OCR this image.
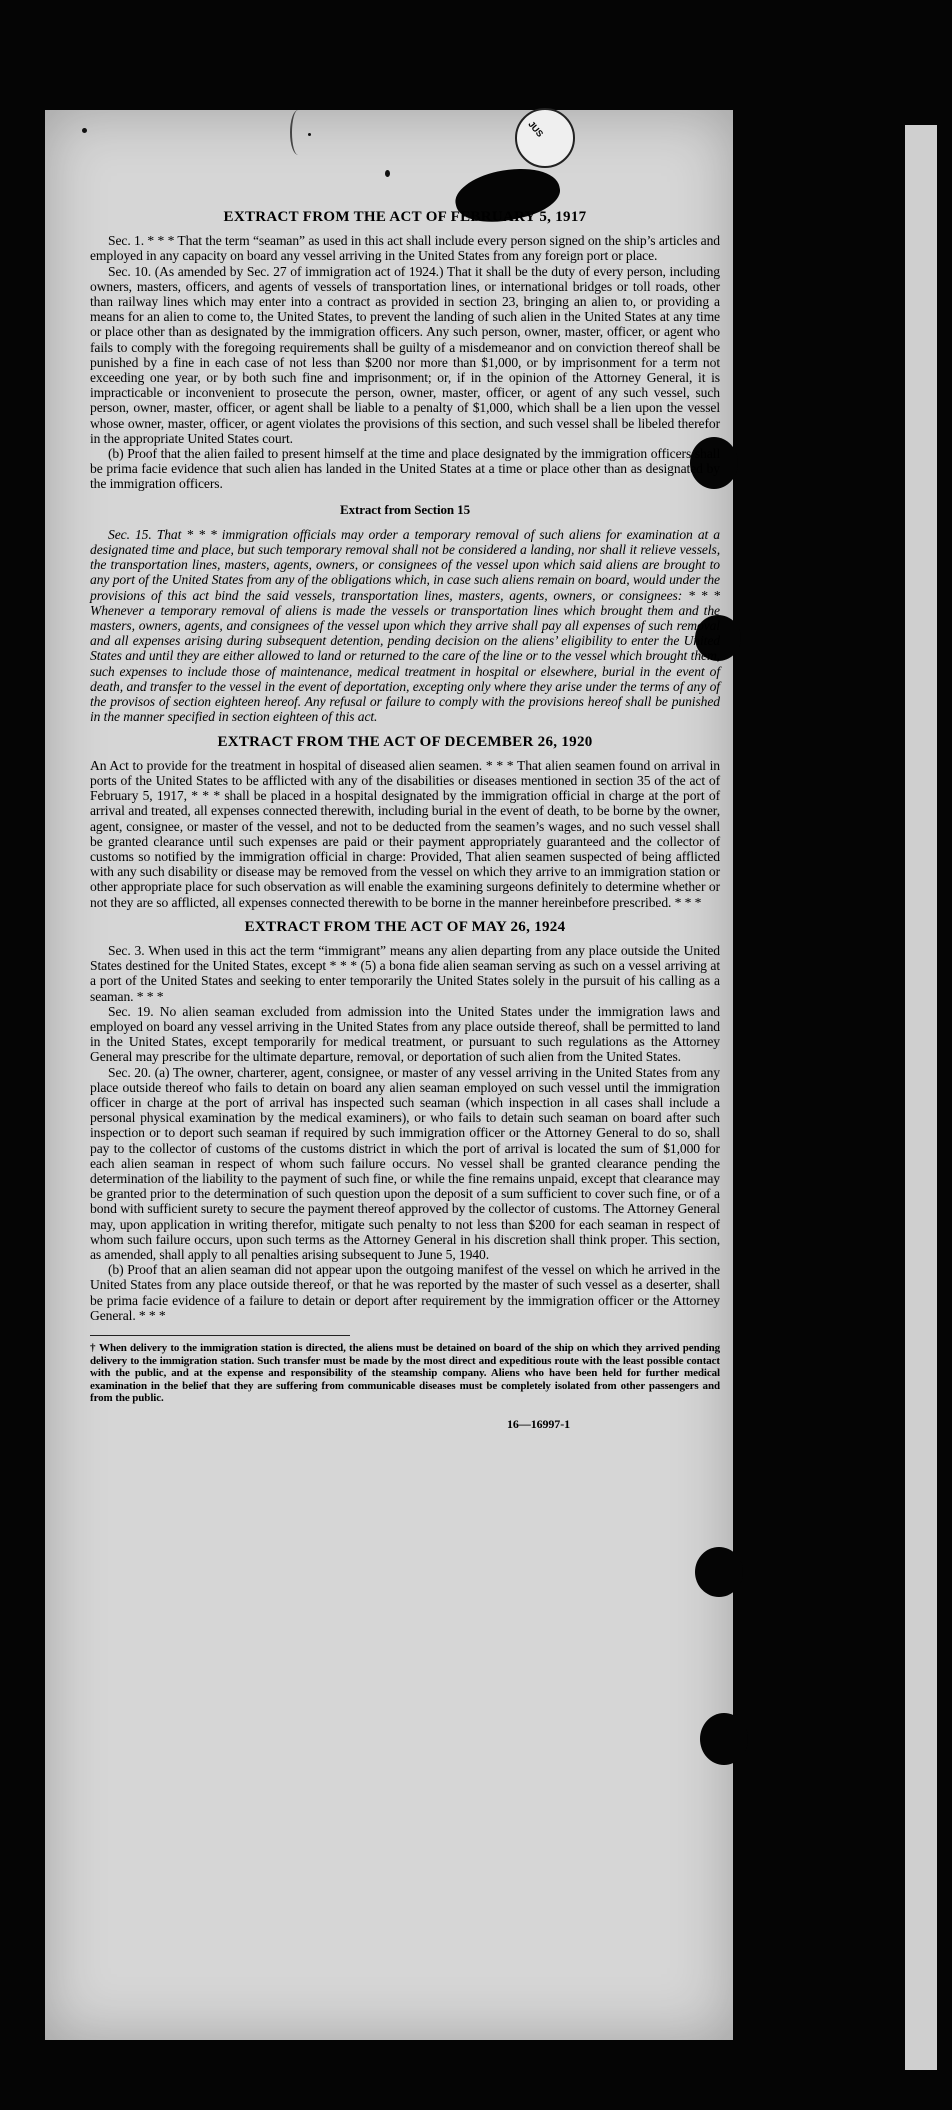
JUS
EXTRACT FROM THE ACT OF FEBRUARY 5, 1917

Sec. 1. * * * That the term “seaman” as used in this act shall include every person signed on the ship’s articles and employed in any capacity on board any vessel arriving in the United States from any foreign port or place.

Sec. 10. (As amended by Sec. 27 of immigration act of 1924.) That it shall be the duty of every person, including owners, masters, officers, and agents of vessels of transportation lines, or international bridges or toll roads, other than railway lines which may enter into a contract as provided in section 23, bringing an alien to, or providing a means for an alien to come to, the United States, to prevent the landing of such alien in the United States at any time or place other than as designated by the immigration officers. Any such person, owner, master, officer, or agent who fails to comply with the foregoing requirements shall be guilty of a misdemeanor and on conviction thereof shall be punished by a fine in each case of not less than $200 nor more than $1,000, or by imprisonment for a term not exceeding one year, or by both such fine and imprisonment; or, if in the opinion of the Attorney General, it is impracticable or inconvenient to prosecute the person, owner, master, officer, or agent of any such vessel, such person, owner, master, officer, or agent shall be liable to a penalty of $1,000, which shall be a lien upon the vessel whose owner, master, officer, or agent violates the provisions of this section, and such vessel shall be libeled therefor in the appropriate United States court.

(b) Proof that the alien failed to present himself at the time and place designated by the immigration officers shall be prima facie evidence that such alien has landed in the United States at a time or place other than as designated by the immigration officers.

Extract from Section 15

Sec. 15. That * * * immigration officials may order a temporary removal of such aliens for examination at a designated time and place, but such temporary removal shall not be considered a landing, nor shall it relieve vessels, the transportation lines, masters, agents, owners, or consignees of the vessel upon which said aliens are brought to any port of the United States from any of the obligations which, in case such aliens remain on board, would under the provisions of this act bind the said vessels, transportation lines, masters, agents, owners, or consignees: * * * Whenever a temporary removal of aliens is made the vessels or transportation lines which brought them and the masters, owners, agents, and consignees of the vessel upon which they arrive shall pay all expenses of such removal and all expenses arising during subsequent detention, pending decision on the aliens’ eligibility to enter the United States and until they are either allowed to land or returned to the care of the line or to the vessel which brought them, such expenses to include those of maintenance, medical treatment in hospital or elsewhere, burial in the event of death, and transfer to the vessel in the event of deportation, excepting only where they arise under the terms of any of the provisos of section eighteen hereof. Any refusal or failure to comply with the provisions hereof shall be punished in the manner specified in section eighteen of this act.

EXTRACT FROM THE ACT OF DECEMBER 26, 1920

An Act to provide for the treatment in hospital of diseased alien seamen. * * * That alien seamen found on arrival in ports of the United States to be afflicted with any of the disabilities or diseases mentioned in section 35 of the act of February 5, 1917, * * * shall be placed in a hospital designated by the immigration official in charge at the port of arrival and treated, all expenses connected therewith, including burial in the event of death, to be borne by the owner, agent, consignee, or master of the vessel, and not to be deducted from the seamen’s wages, and no such vessel shall be granted clearance until such expenses are paid or their payment appropriately guaranteed and the collector of customs so notified by the immigration official in charge: Provided, That alien seamen suspected of being afflicted with any such disability or disease may be removed from the vessel on which they arrive to an immigration station or other appropriate place for such observation as will enable the examining surgeons definitely to determine whether or not they are so afflicted, all expenses connected therewith to be borne in the manner hereinbefore prescribed. * * *

EXTRACT FROM THE ACT OF MAY 26, 1924

Sec. 3. When used in this act the term “immigrant” means any alien departing from any place outside the United States destined for the United States, except * * * (5) a bona fide alien seaman serving as such on a vessel arriving at a port of the United States and seeking to enter temporarily the United States solely in the pursuit of his calling as a seaman. * * *

Sec. 19. No alien seaman excluded from admission into the United States under the immigration laws and employed on board any vessel arriving in the United States from any place outside thereof, shall be permitted to land in the United States, except temporarily for medical treatment, or pursuant to such regulations as the Attorney General may prescribe for the ultimate departure, removal, or deportation of such alien from the United States.

Sec. 20. (a) The owner, charterer, agent, consignee, or master of any vessel arriving in the United States from any place outside thereof who fails to detain on board any alien seaman employed on such vessel until the immigration officer in charge at the port of arrival has inspected such seaman (which inspection in all cases shall include a personal physical examination by the medical examiners), or who fails to detain such seaman on board after such inspection or to deport such seaman if required by such immigration officer or the Attorney General to do so, shall pay to the collector of customs of the customs district in which the port of arrival is located the sum of $1,000 for each alien seaman in respect of whom such failure occurs. No vessel shall be granted clearance pending the determination of the liability to the payment of such fine, or while the fine remains unpaid, except that clearance may be granted prior to the determination of such question upon the deposit of a sum sufficient to cover such fine, or of a bond with sufficient surety to secure the payment thereof approved by the collector of customs. The Attorney General may, upon application in writing therefor, mitigate such penalty to not less than $200 for each seaman in respect of whom such failure occurs, upon such terms as the Attorney General in his discretion shall think proper. This section, as amended, shall apply to all penalties arising subsequent to June 5, 1940.

(b) Proof that an alien seaman did not appear upon the outgoing manifest of the vessel on which he arrived in the United States from any place outside thereof, or that he was reported by the master of such vessel as a deserter, shall be prima facie evidence of a failure to detain or deport after requirement by the immigration officer or the Attorney General. * * *

† When delivery to the immigration station is directed, the aliens must be detained on board of the ship on which they arrived pending delivery to the immigration station. Such transfer must be made by the most direct and expeditious route with the least possible contact with the public, and at the expense and responsibility of the steamship company. Aliens who have been held for further medical examination in the belief that they are suffering from communicable diseases must be completely isolated from other passengers and from the public.
16—16997-1
